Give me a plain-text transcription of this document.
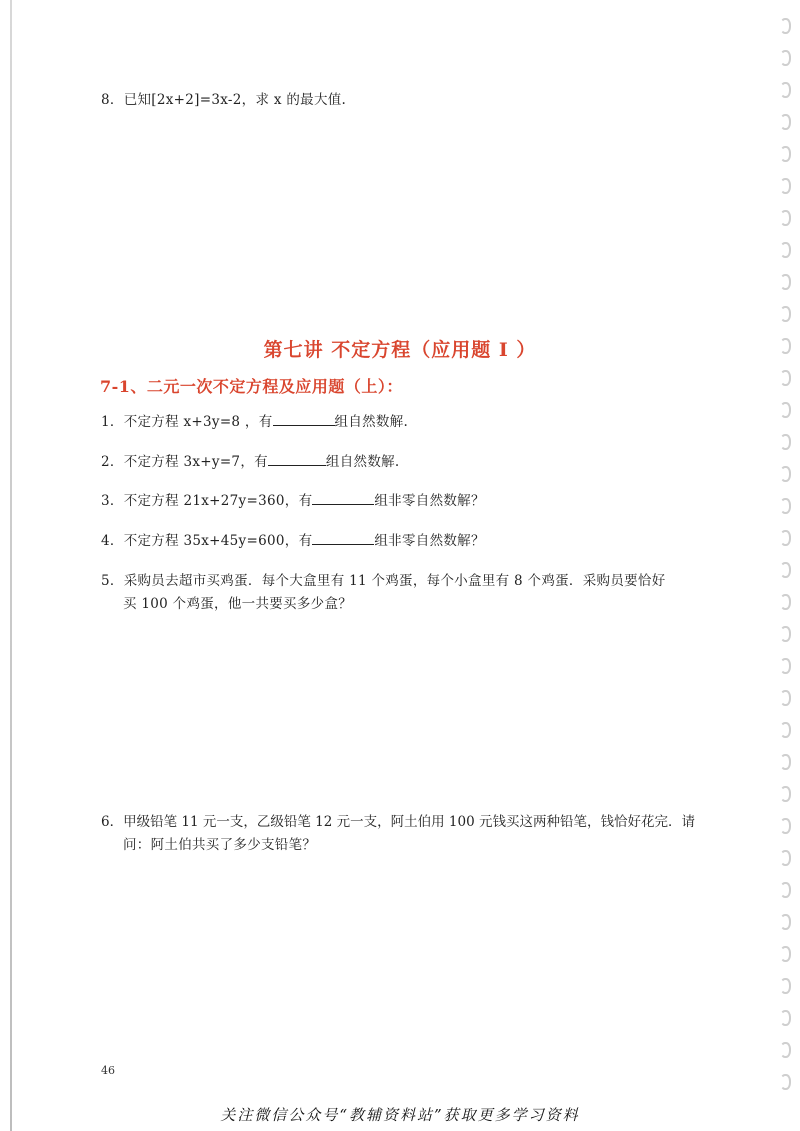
8．已知[2x+2]=3x-2，求 x 的最大值.
第七讲 不定方程（应用题 I ）
7-1、二元一次不定方程及应用题（上）：
1．不定方程 x+3y=8 ，有	组自然数解.
2．不定方程 3x+y=7，有	组自然数解.
3．不定方程 21x+27y=360，有	组非零自然数解？
4．不定方程 35x+45y=600，有	组非零自然数解？
5．采购员去超市买鸡蛋．每个大盒里有 11 个鸡蛋，每个小盒里有 8 个鸡蛋．采购员要恰好
买 100 个鸡蛋，他一共要买多少盒？
6．甲级铅笔 11 元一支，乙级铅笔 12 元一支，阿土伯用 100 元钱买这两种铅笔，钱恰好花完．请
问：阿土伯共买了多少支铅笔？
46
关注微信公众号“教辅资料站”获取更多学习资料
